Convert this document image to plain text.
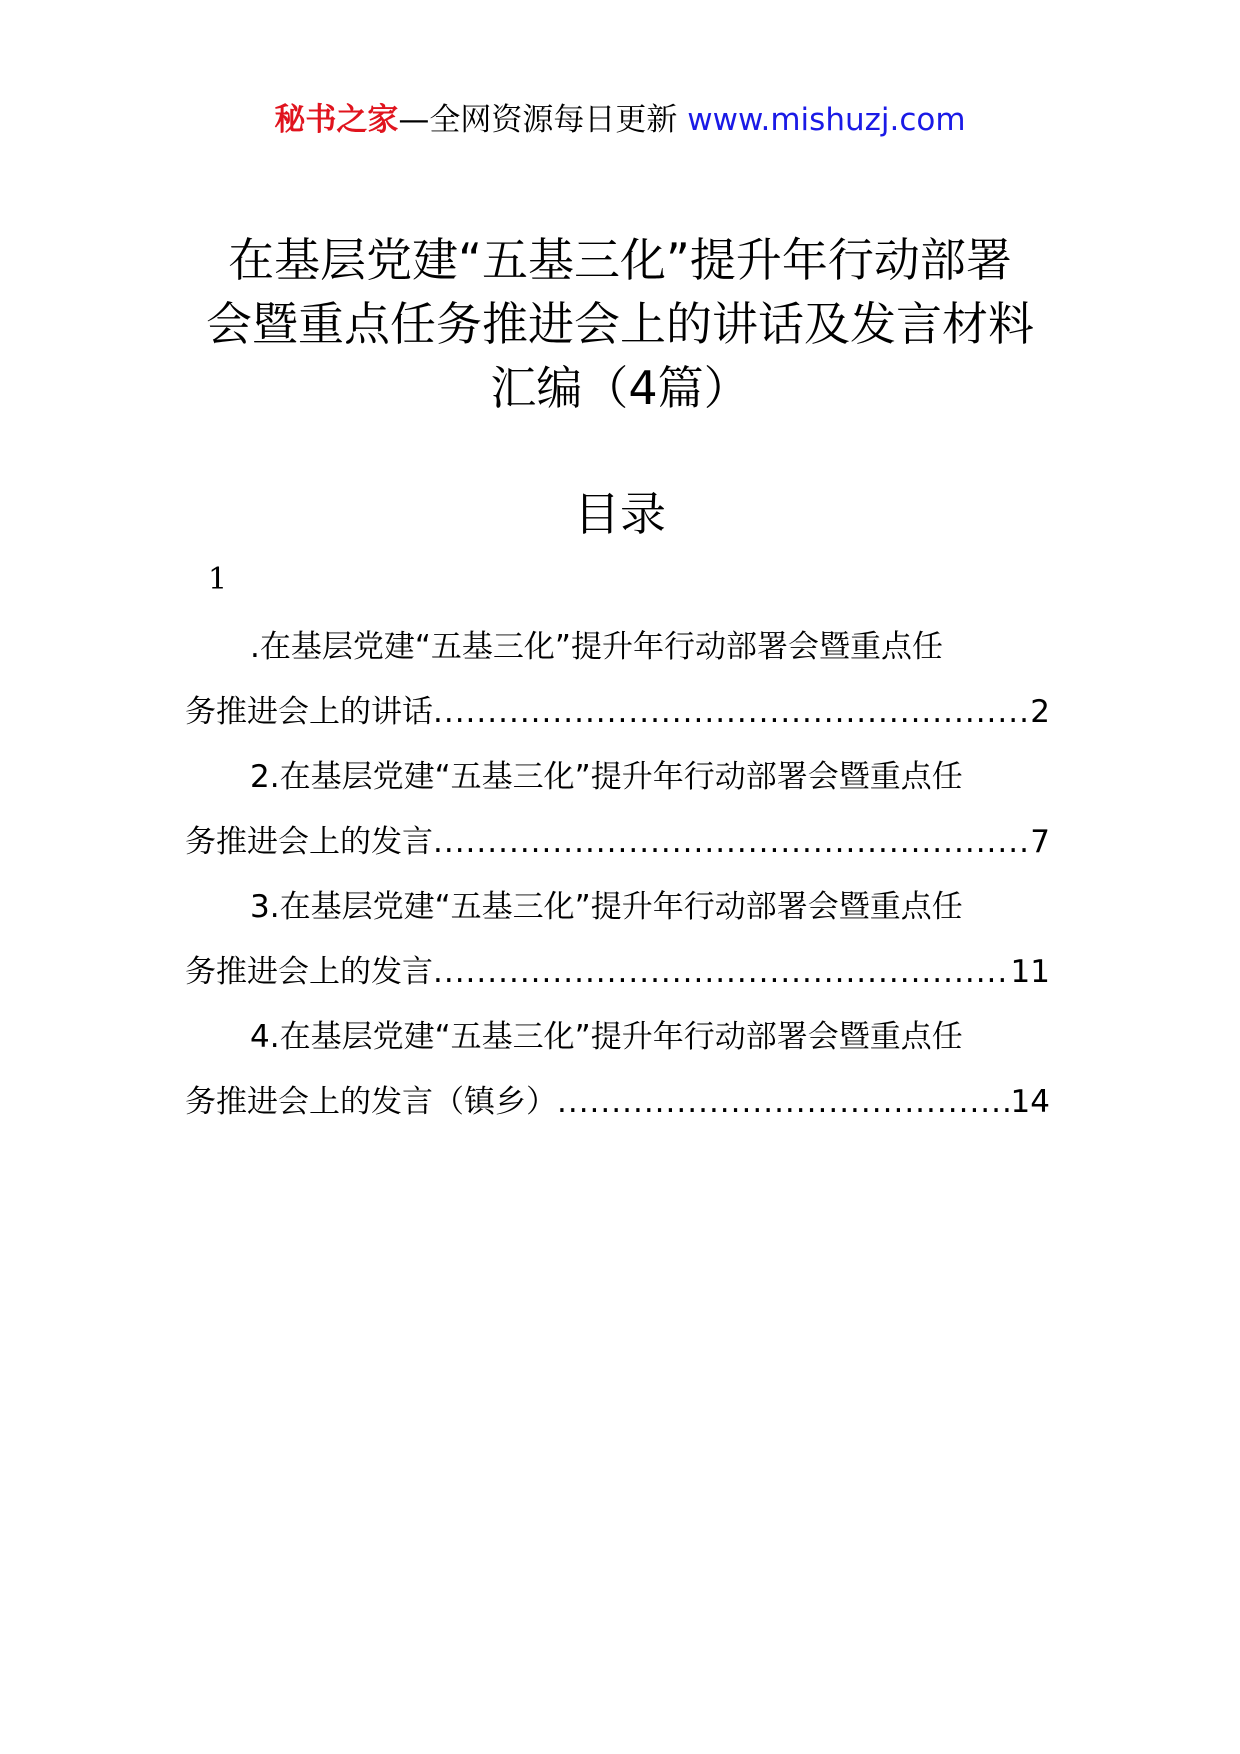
秘书之家—全网资源每日更新 www.mishuzj.com
在基层党建“五基三化”提升年行动部署
会暨重点任务推进会上的讲话及发言材料
汇编（4篇）
目录
1
.在基层党建“五基三化”提升年行动部署会暨重点任
务推进会上的讲话 .....	2
2.在基层党建“五基三化”提升年行动部署会暨重点任
务推进会上的发言 .....	7
3.在基层党建“五基三化”提升年行动部署会暨重点任
务推进会上的发言 .....	11
4.在基层党建“五基三化”提升年行动部署会暨重点任
务推进会上的发言（镇乡） .....	14
